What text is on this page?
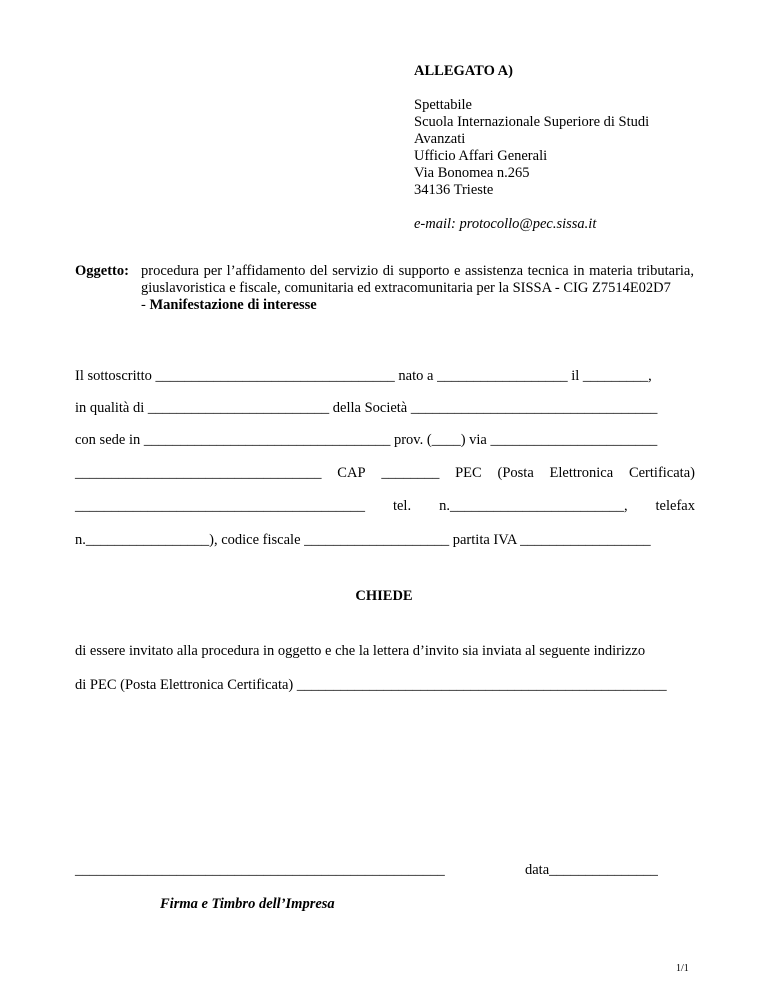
ALLEGATO A)
Spettabile
Scuola Internazionale Superiore di Studi
Avanzati
Ufficio Affari Generali
Via Bonomea n.265
34136 Trieste
e-mail: protocollo@pec.sissa.it
Oggetto: procedura per l’affidamento del servizio di supporto e assistenza tecnica in materia tributaria, giuslavoristica e fiscale, comunitaria ed extracomunitaria per la SISSA - CIG Z7514E02D7

- Manifestazione di interesse

Il sottoscritto _________________________________ nato a __________________ il _________,
in qualità di _________________________ della Società __________________________________
con sede in __________________________________ prov. (____) via _______________________
__________________________________ CAP ________ PEC (Posta Elettronica Certificata)
________________________________________ tel. n.________________________, telefax
n._________________), codice fiscale ____________________ partita IVA __________________
CHIEDE
di essere invitato alla procedura in oggetto e che la lettera d’invito sia inviata al seguente indirizzo
di PEC (Posta Elettronica Certificata) ___________________________________________________
___________________________________________________	data_______________
Firma e Timbro dell’Impresa
1/1
